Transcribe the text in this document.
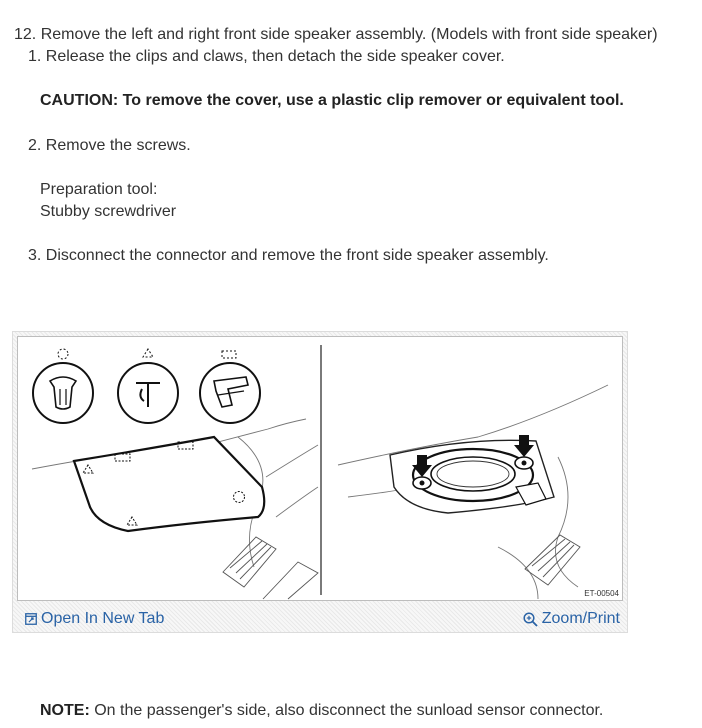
12. Remove the left and right front side speaker assembly. (Models with front side speaker)
1. Release the clips and claws, then detach the side speaker cover.
CAUTION: To remove the cover, use a plastic clip remover or equivalent tool.
2. Remove the screws.
Preparation tool:
Stubby screwdriver
3. Disconnect the connector and remove the front side speaker assembly.
ET-00504
Open In New Tab	Zoom/Print
NOTE: On the passenger's side, also disconnect the sunload sensor connector.
